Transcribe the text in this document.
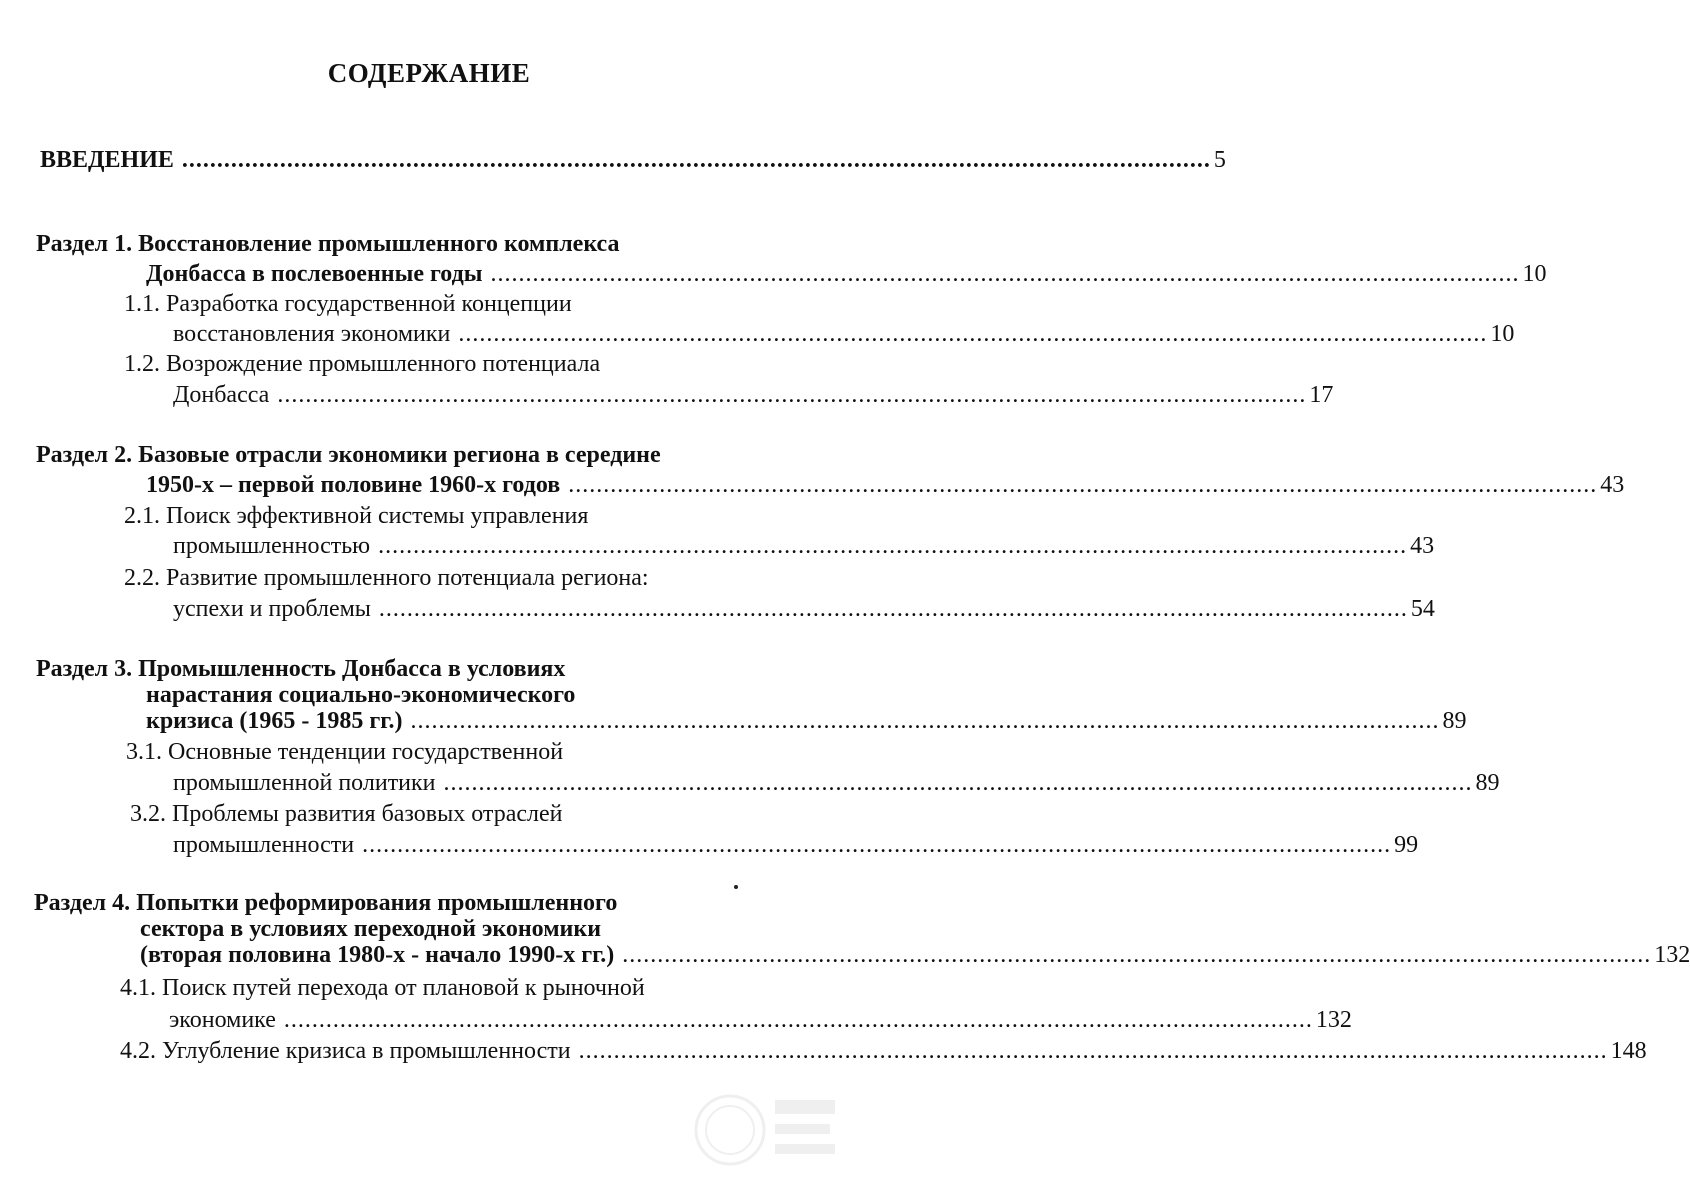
СОДЕРЖАНИЕ
ВВЕДЕНИЕ ................................................................................................................................................... 5
Раздел 1. Восстановление промышленного комплекса
Донбасса в послевоенные годы ................................................................................................................................................... 10
1.1. Разработка государственной концепции
восстановления экономики ................................................................................................................................................... 10
1.2. Возрождение промышленного потенциала
Донбасса ................................................................................................................................................... 17
Раздел 2. Базовые отрасли экономики региона в середине
1950-х – первой половине 1960-х годов ................................................................................................................................................... 43
2.1. Поиск эффективной системы управления
промышленностью ................................................................................................................................................... 43
2.2. Развитие промышленного потенциала региона:
успехи и проблемы ................................................................................................................................................... 54
Раздел 3. Промышленность Донбасса в условиях
нарастания социально-экономического
кризиса (1965 - 1985 гг.) ................................................................................................................................................... 89
3.1. Основные тенденции государственной
промышленной политики ................................................................................................................................................... 89
3.2. Проблемы развития базовых отраслей
промышленности ................................................................................................................................................... 99
Раздел 4. Попытки реформирования промышленного
сектора в условиях переходной экономики
(вторая половина 1980-х - начало 1990-х гг.) ................................................................................................................................................... 132
4.1. Поиск путей перехода от плановой к рыночной
экономике ................................................................................................................................................... 132
4.2. Углубление кризиса в промышленности ................................................................................................................................................... 148
